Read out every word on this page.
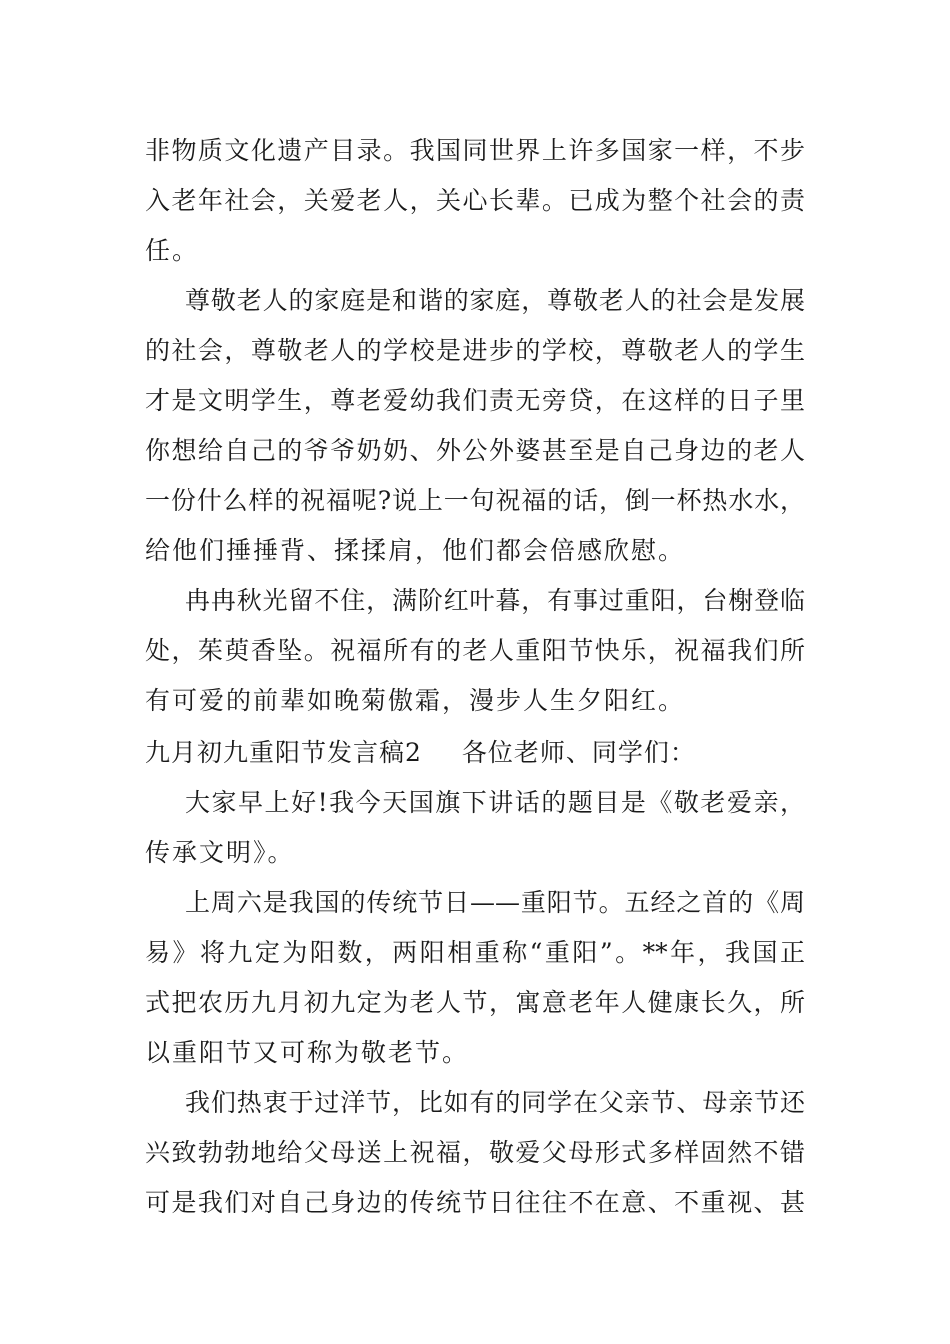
非物质文化遗产目录。我国同世界上许多国家一样，不步
入老年社会，关爱老人，关心长辈。已成为整个社会的责
任。
尊敬老人的家庭是和谐的家庭，尊敬老人的社会是发展
的社会，尊敬老人的学校是进步的学校，尊敬老人的学生
才是文明学生，尊老爱幼我们责无旁贷，在这样的日子里
你想给自己的爷爷奶奶、外公外婆甚至是自己身边的老人
一份什么样的祝福呢?说上一句祝福的话，倒一杯热水水，
给他们捶捶背、揉揉肩，他们都会倍感欣慰。
冉冉秋光留不住，满阶红叶暮，有事过重阳，台榭登临
处，茱萸香坠。祝福所有的老人重阳节快乐，祝福我们所
有可爱的前辈如晚菊傲霜，漫步人生夕阳红。
九月初九重阳节发言稿2 各位老师、同学们：
大家早上好!我今天国旗下讲话的题目是《敬老爱亲，
传承文明》。
上周六是我国的传统节日——重阳节。五经之首的《周
易》将九定为阳数，两阳相重称“重阳”。**年，我国正
式把农历九月初九定为老人节，寓意老年人健康长久，所
以重阳节又可称为敬老节。
我们热衷于过洋节，比如有的同学在父亲节、母亲节还
兴致勃勃地给父母送上祝福，敬爱父母形式多样固然不错
可是我们对自己身边的传统节日往往不在意、不重视、甚
